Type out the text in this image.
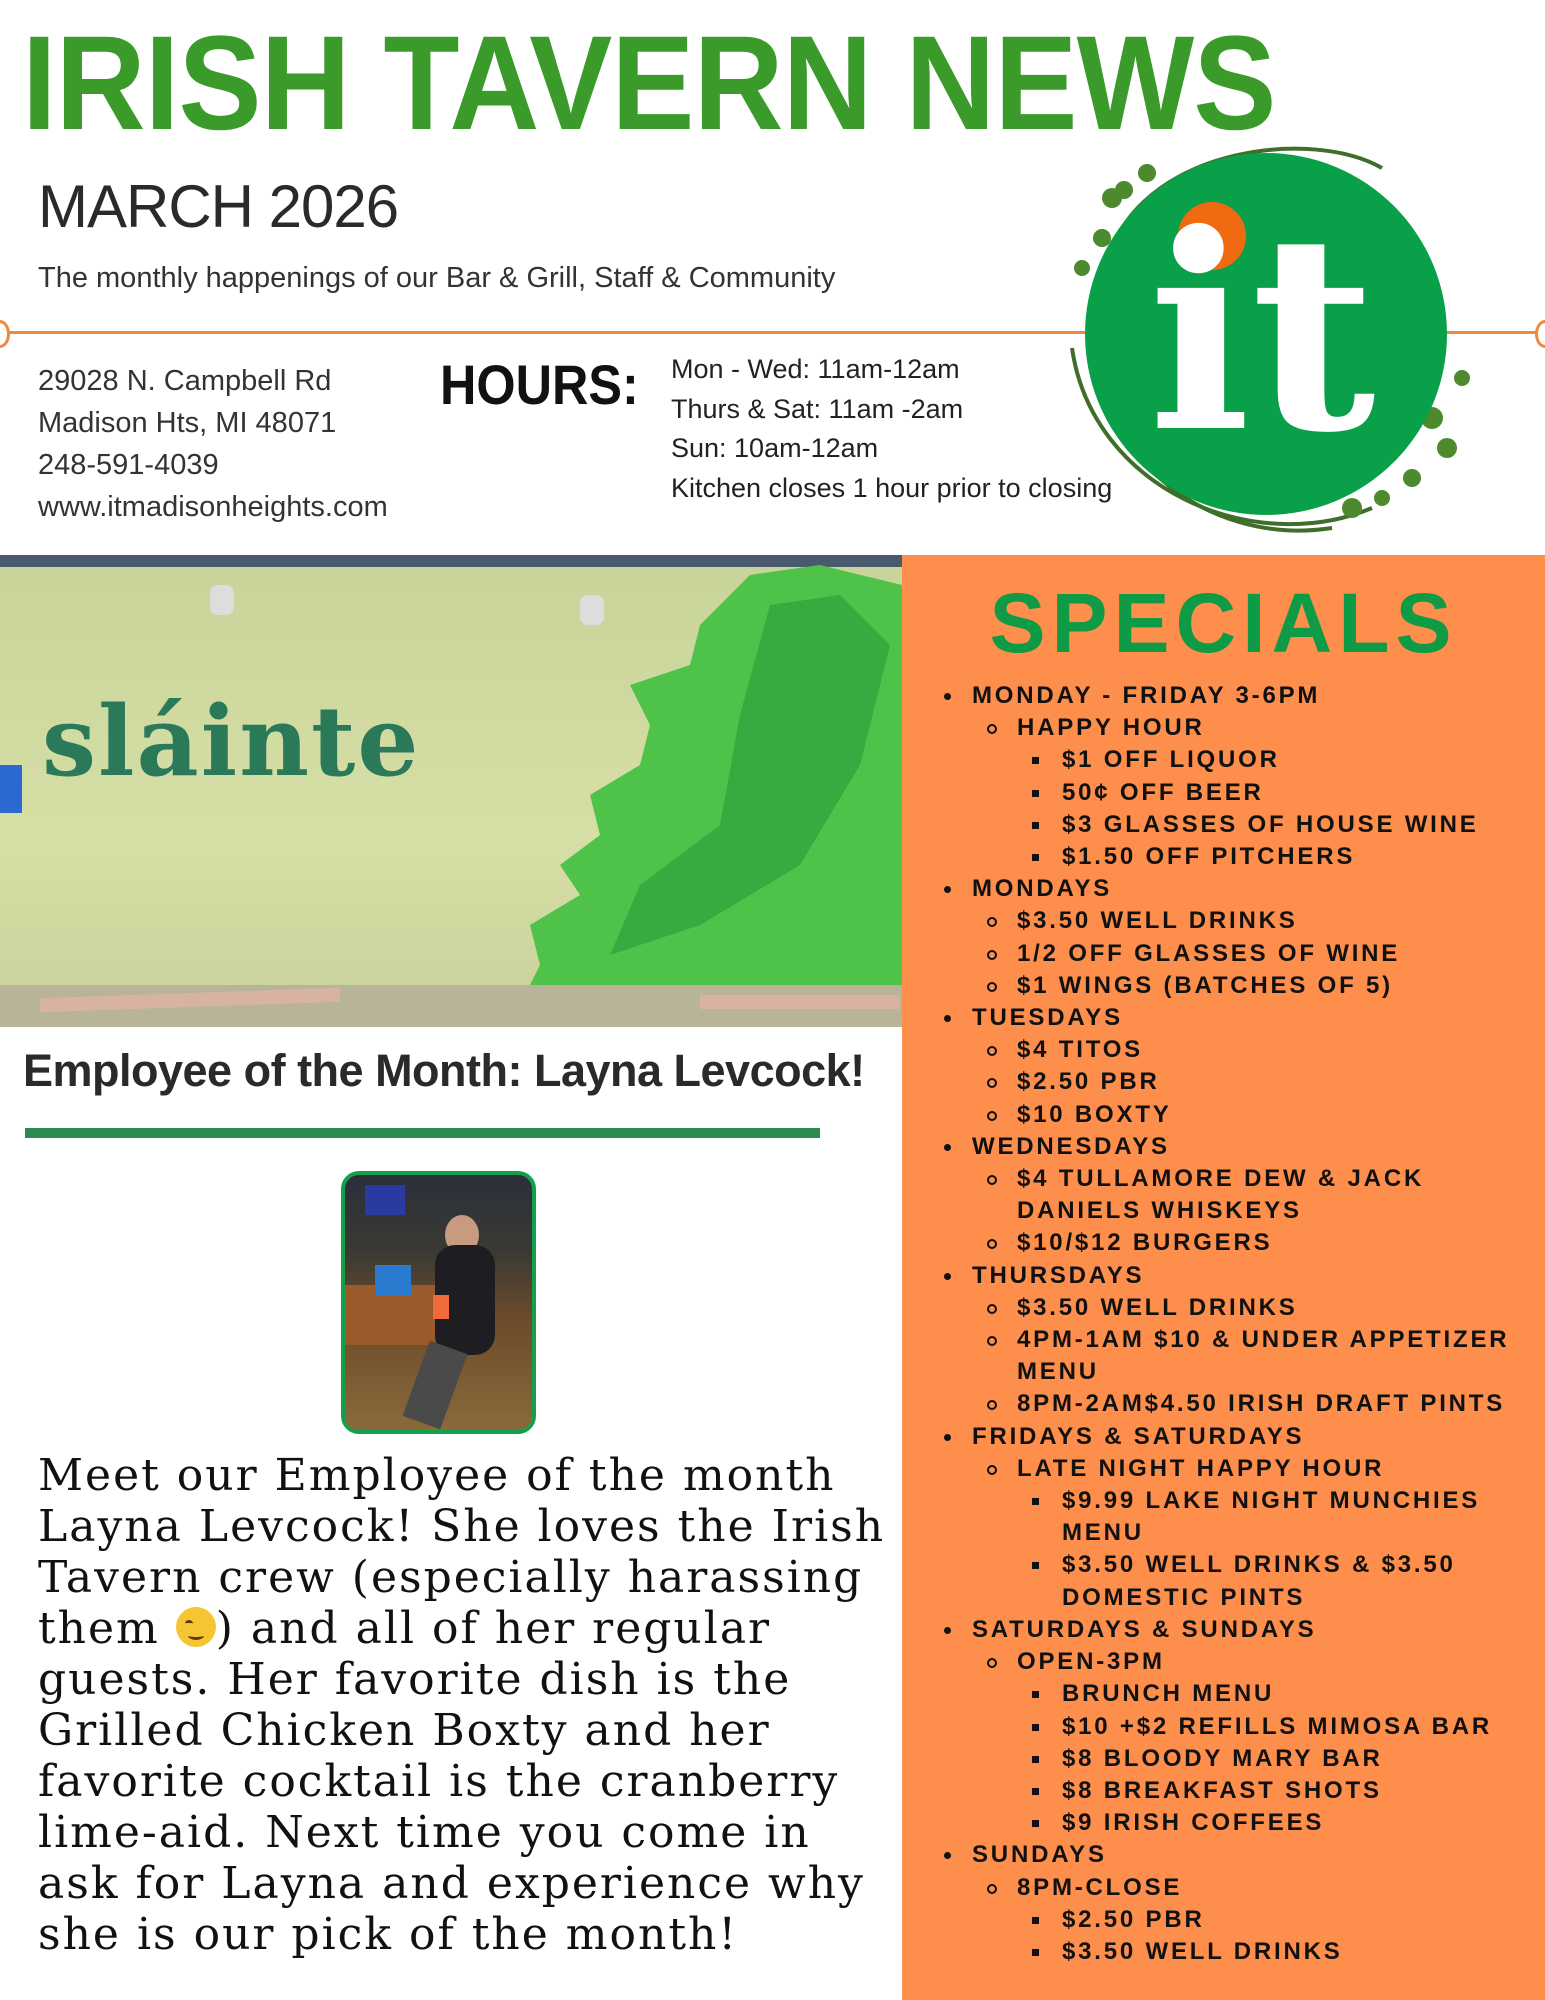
IRISH TAVERN NEWS
MARCH 2026
The monthly happenings of our Bar & Grill, Staff & Community
29028 N. Campbell Rd
Madison Hts, MI 48071
248-591-4039
www.itmadisonheights.com
HOURS: Mon - Wed: 11am-12am
Thurs & Sat: 11am -2am
Sun: 10am-12am
Kitchen closes 1 hour prior to closing it
sláinte
SPECIALS
MONDAY - FRIDAY 3-6PM
HAPPY HOUR
$1 OFF LIQUOR
50¢ OFF BEER
$3 GLASSES OF HOUSE WINE
$1.50 OFF PITCHERS
MONDAYS
$3.50 WELL DRINKS
1/2 OFF GLASSES OF WINE
$1 WINGS (BATCHES OF 5)
TUESDAYS
$4 TITOS
$2.50 PBR
$10 BOXTY
WEDNESDAYS
$4 TULLAMORE DEW & JACK DANIELS WHISKEYS
$10/$12 BURGERS
THURSDAYS
$3.50 WELL DRINKS
4PM-1AM $10 & UNDER APPETIZER MENU
8PM-2AM$4.50 IRISH DRAFT PINTS
FRIDAYS & SATURDAYS
LATE NIGHT HAPPY HOUR
$9.99 LAKE NIGHT MUNCHIES MENU
$3.50 WELL DRINKS & $3.50 DOMESTIC PINTS
SATURDAYS & SUNDAYS
OPEN-3PM
BRUNCH MENU
$10 +$2 REFILLS MIMOSA BAR
$8 BLOODY MARY BAR
$8 BREAKFAST SHOTS
$9 IRISH COFFEES
SUNDAYS
8PM-CLOSE
$2.50 PBR
$3.50 WELL DRINKS
Employee of the Month: Layna Levcock!
Meet our Employee of the month
Layna Levcock! She loves the Irish
Tavern crew (especially harassing
them ) and all of her regular
guests. Her favorite dish is the
Grilled Chicken Boxty and her
favorite cocktail is the cranberry
lime-aid. Next time you come in
ask for Layna and experience why
she is our pick of the month!
